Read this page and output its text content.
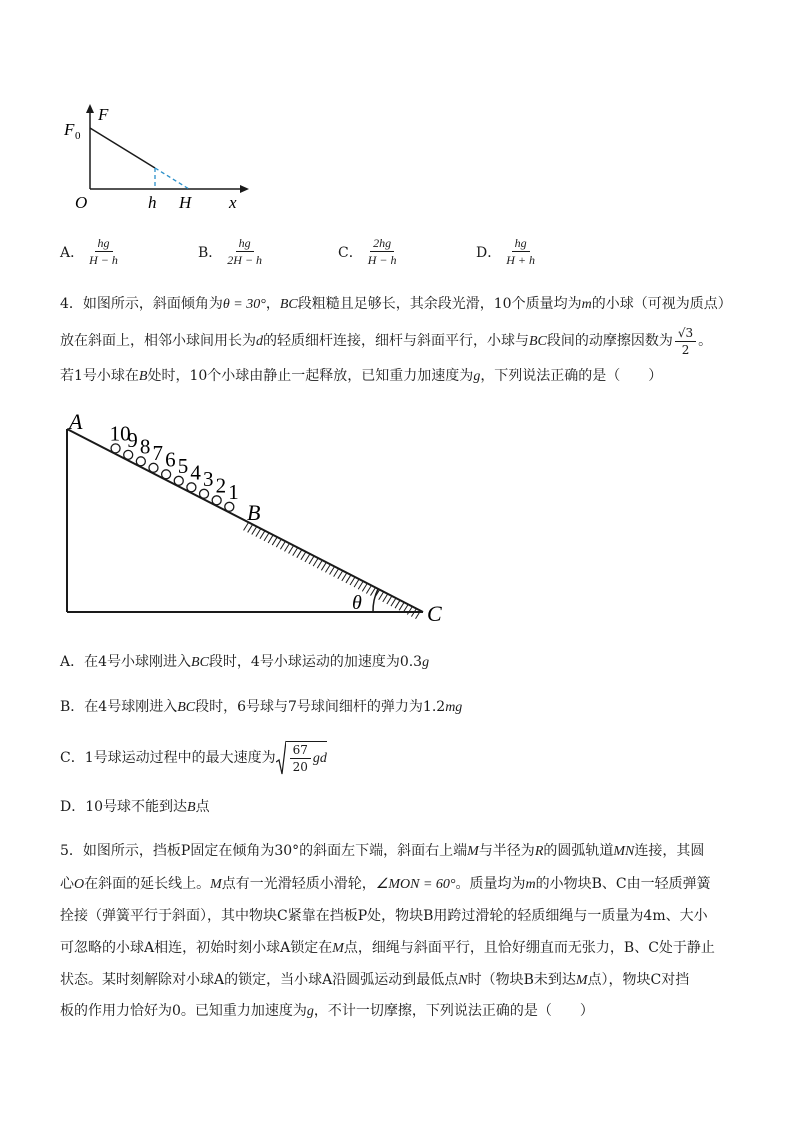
F
F 0
O	h H x
A． $\frac{hg}{H - h}$	B． $\frac{hg}{2H - h}$	C． $\frac{2hg}{H - h}$	D． $\frac{hg}{H + h}$
4．如图所示，斜面倾角为θ = 30°，BC段粗糙且足够长，其余段光滑，10个质量均为m的小球（可视为质点）
放在斜面上，相邻小球间用长为d的轻质细杆连接，细杆与斜面平行，小球与BC段间的动摩擦因数为 $\frac{√3}{2}$ 。
若1号小球在B处时，10个小球由静止一起释放，已知重力加速度为g，下列说法正确的是（　　）
10
9 8 7 6 5 4 3 2 1
A
B
C
θ
A．在4号小球刚进入BC段时，4号小球运动的加速度为0.3g
B．在4号球刚进入BC段时，6号球与7号球间细杆的弹力为1.2mg
C．1号球运动过程中的最大速度为 $\frac{67}{20}$ gd
D．10号球不能到达B点
5．如图所示，挡板P固定在倾角为30°的斜面左下端，斜面右上端M与半径为R的圆弧轨道MN连接，其圆
心O在斜面的延长线上。M点有一光滑轻质小滑轮，∠MON = 60°。质量均为m的小物块B、C由一轻质弹簧
拴接（弹簧平行于斜面），其中物块C紧靠在挡板P处，物块B用跨过滑轮的轻质细绳与一质量为4m、大小
可忽略的小球A相连，初始时刻小球A锁定在M点，细绳与斜面平行，且恰好绷直而无张力，B、C处于静止
状态。某时刻解除对小球A的锁定，当小球A沿圆弧运动到最低点N时（物块B未到达M点），物块C对挡
板的作用力恰好为0。已知重力加速度为g，不计一切摩擦，下列说法正确的是（　　）
